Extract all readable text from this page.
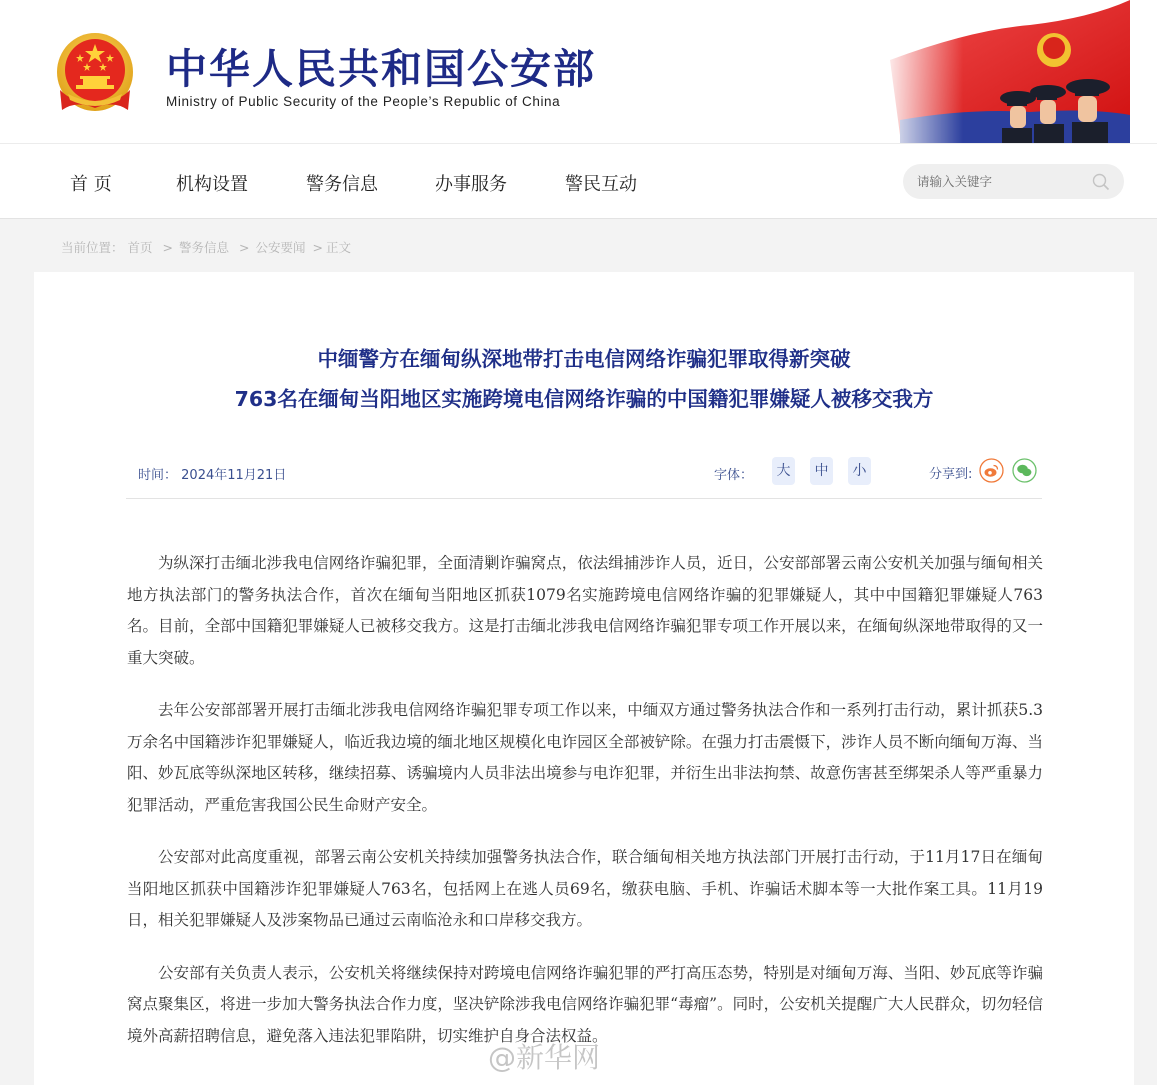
中华人民共和国公安部
Ministry of Public Security of the People’s Republic of China
首 页	机构设置	警务信息	办事服务	警民互动
请输入关键字
当前位置： 首页 > 警务信息 > 公安要闻 > 正文
中缅警方在缅甸纵深地带打击电信网络诈骗犯罪取得新突破
763名在缅甸当阳地区实施跨境电信网络诈骗的中国籍犯罪嫌疑人被移交我方
时间： 2024年11月21日	字体：	大	中	小	分享到:

为纵深打击缅北涉我电信网络诈骗犯罪，全面清剿诈骗窝点，依法缉捕涉诈人员，近日，公安部部署云南公安机关加强与缅甸相关地方执法部门的警务执法合作，首次在缅甸当阳地区抓获1079名实施跨境电信网络诈骗的犯罪嫌疑人，其中中国籍犯罪嫌疑人763名。目前，全部中国籍犯罪嫌疑人已被移交我方。这是打击缅北涉我电信网络诈骗犯罪专项工作开展以来，在缅甸纵深地带取得的又一重大突破。

去年公安部部署开展打击缅北涉我电信网络诈骗犯罪专项工作以来，中缅双方通过警务执法合作和一系列打击行动，累计抓获5.3万余名中国籍涉诈犯罪嫌疑人，临近我边境的缅北地区规模化电诈园区全部被铲除。在强力打击震慑下，涉诈人员不断向缅甸万海、当阳、妙瓦底等纵深地区转移，继续招募、诱骗境内人员非法出境参与电诈犯罪，并衍生出非法拘禁、故意伤害甚至绑架杀人等严重暴力犯罪活动，严重危害我国公民生命财产安全。

公安部对此高度重视，部署云南公安机关持续加强警务执法合作，联合缅甸相关地方执法部门开展打击行动，于11月17日在缅甸当阳地区抓获中国籍涉诈犯罪嫌疑人763名，包括网上在逃人员69名，缴获电脑、手机、诈骗话术脚本等一大批作案工具。11月19日，相关犯罪嫌疑人及涉案物品已通过云南临沧永和口岸移交我方。

公安部有关负责人表示，公安机关将继续保持对跨境电信网络诈骗犯罪的严打高压态势，特别是对缅甸万海、当阳、妙瓦底等诈骗窝点聚集区，将进一步加大警务执法合作力度，坚决铲除涉我电信网络诈骗犯罪“毒瘤”。同时，公安机关提醒广大人民群众，切勿轻信境外高薪招聘信息，避免落入违法犯罪陷阱，切实维护自身合法权益。

@新华网
